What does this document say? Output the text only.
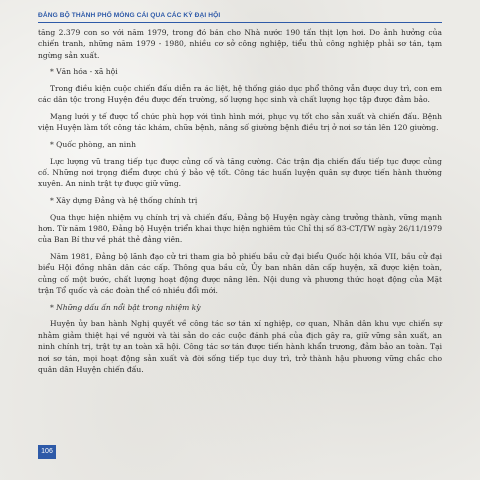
ĐẢNG BỘ THÀNH PHỐ MÓNG CÁI QUA CÁC KỲ ĐẠI HỘI

tăng 2.379 con so với năm 1979, trong đó bán cho Nhà nước 190 tấn thịt lợn hơi. Do ảnh hưởng của chiến tranh, những năm 1979 - 1980, nhiều cơ sở công nghiệp, tiểu thủ công nghiệp phải sơ tán, tạm ngừng sản xuất.

* Văn hóa - xã hội

Trong điều kiện cuộc chiến đấu diễn ra ác liệt, hệ thống giáo dục phổ thông vẫn được duy trì, con em các dân tộc trong Huyện đều được đến trường, số lượng học sinh và chất lượng học tập được đảm bảo.

Mạng lưới y tế được tổ chức phù hợp với tình hình mới, phục vụ tốt cho sản xuất và chiến đấu. Bệnh viện Huyện làm tốt công tác khám, chữa bệnh, nâng số giường bệnh điều trị ở nơi sơ tán lên 120 giường.

* Quốc phòng, an ninh

Lực lượng vũ trang tiếp tục được củng cố và tăng cường. Các trận địa chiến đấu tiếp tục được củng cố. Những nơi trọng điểm được chú ý bảo vệ tốt. Công tác huấn luyện quân sự được tiến hành thường xuyên. An ninh trật tự được giữ vững.

* Xây dựng Đảng và hệ thống chính trị

Qua thực hiện nhiệm vụ chính trị và chiến đấu, Đảng bộ Huyện ngày càng trưởng thành, vững mạnh hơn. Từ năm 1980, Đảng bộ Huyện triển khai thực hiện nghiêm túc Chỉ thị số 83-CT/TW ngày 26/11/1979 của Ban Bí thư về phát thẻ đảng viên.

Năm 1981, Đảng bộ lãnh đạo cử tri tham gia bỏ phiếu bầu cử đại biểu Quốc hội khóa VII, bầu cử đại biểu Hội đồng nhân dân các cấp. Thông qua bầu cử, Ủy ban nhân dân cấp huyện, xã được kiện toàn, củng cố một bước, chất lượng hoạt động được nâng lên. Nội dung và phương thức hoạt động của Mặt trận Tổ quốc và các đoàn thể có nhiều đổi mới.

* Những dấu ấn nổi bật trong nhiệm kỳ

Huyện ủy ban hành Nghị quyết về công tác sơ tán xí nghiệp, cơ quan, Nhân dân khu vực chiến sự nhằm giảm thiệt hại về người và tài sản do các cuộc đánh phá của địch gây ra, giữ vững sản xuất, an ninh chính trị, trật tự an toàn xã hội. Công tác sơ tán được tiến hành khẩn trương, đảm bảo an toàn. Tại nơi sơ tán, mọi hoạt động sản xuất và đời sống tiếp tục duy trì, trở thành hậu phương vững chắc cho quân dân Huyện chiến đấu.

106
